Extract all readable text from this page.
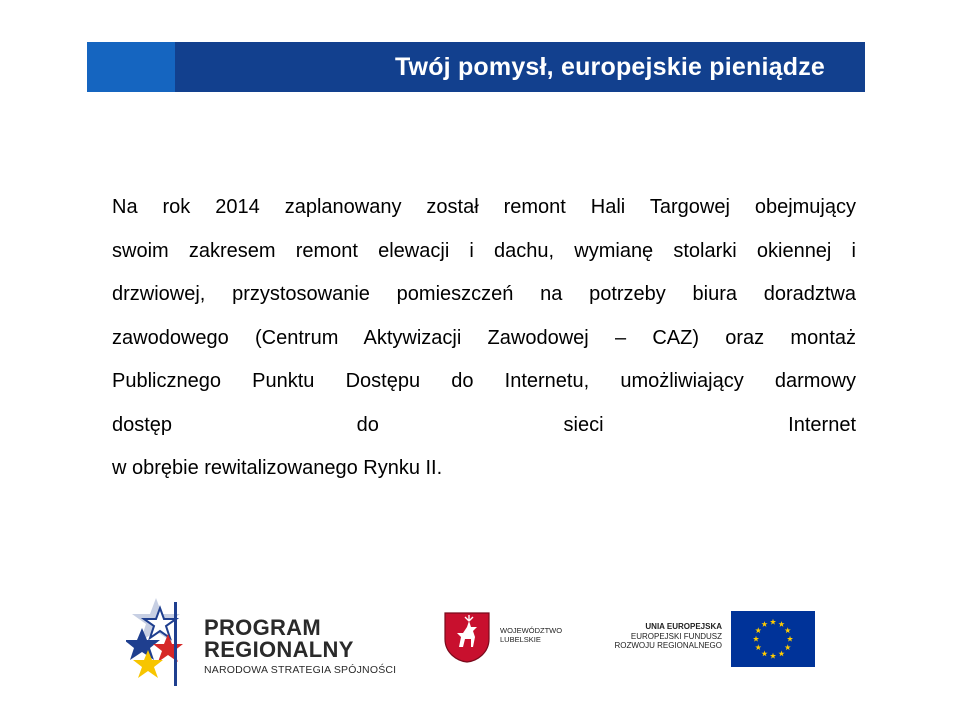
Twój pomysł, europejskie pieniądze

Na rok 2014 zaplanowany został remont Hali Targowej obejmujący

swoim zakresem remont elewacji i dachu, wymianę stolarki okiennej i

drzwiowej, przystosowanie pomieszczeń na potrzeby biura doradztwa

zawodowego (Centrum Aktywizacji Zawodowej – CAZ) oraz montaż

Publicznego Punktu Dostępu do Internetu, umożliwiający darmowy

dostęp do sieci Internet

w obrębie rewitalizowanego Rynku II.

PROGRAM
REGIONALNY
NARODOWA STRATEGIA SPÓJNOŚCI
WOJEWÓDZTWO
LUBELSKIE
UNIA EUROPEJSKA
EUROPEJSKI FUNDUSZ
ROZWOJU REGIONALNEGO
